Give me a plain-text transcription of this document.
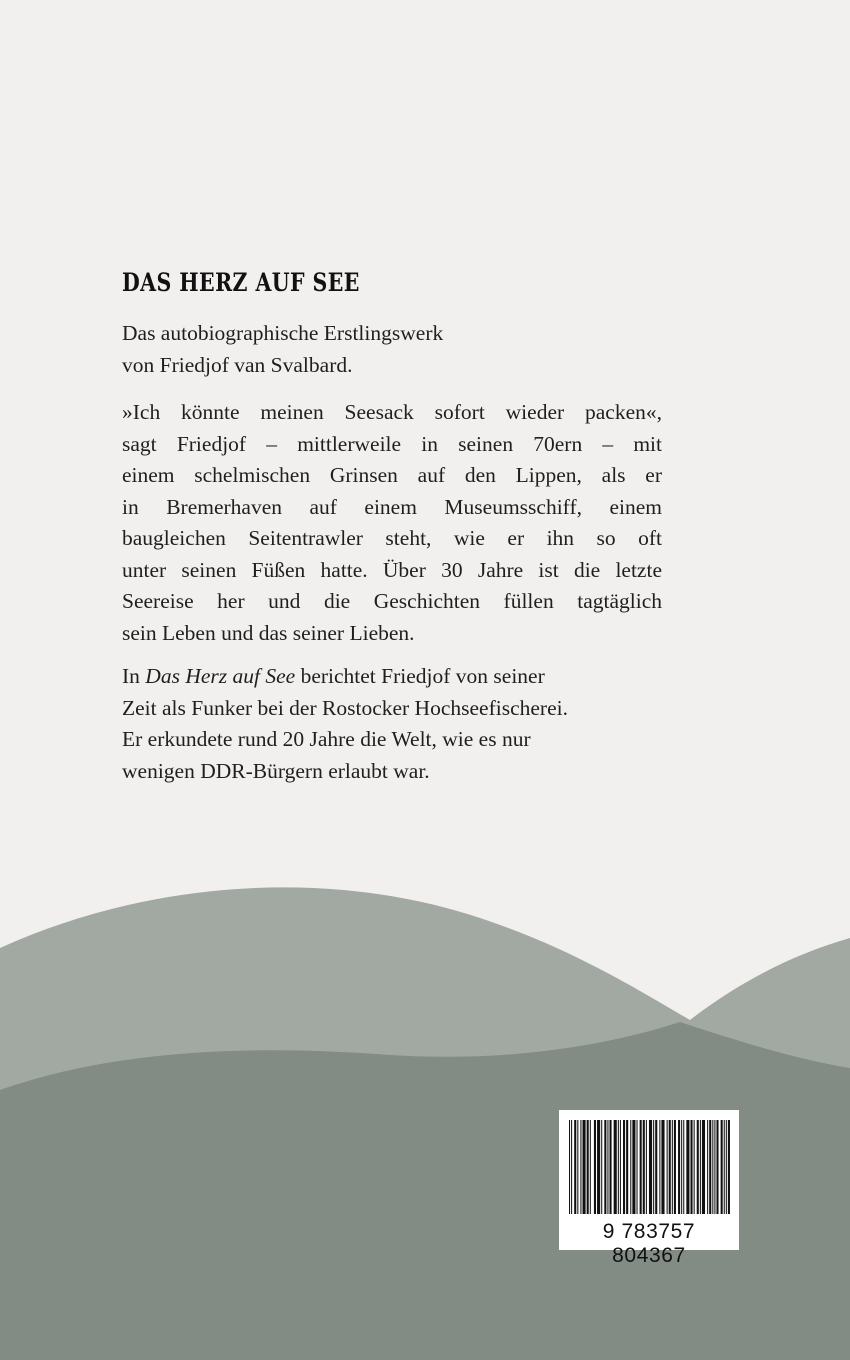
DAS HERZ AUF SEE
Das autobiographische Erstlingswerk
von Friedjof van Svalbard.
»Ich könnte meinen Seesack sofort wieder packen«,
sagt Friedjof – mittlerweile in seinen 70ern – mit
einem schelmischen Grinsen auf den Lippen, als er
in Bremerhaven auf einem Museumsschiff, einem
baugleichen Seitentrawler steht, wie er ihn so oft
unter seinen Füßen hatte. Über 30 Jahre ist die letzte
Seereise her und die Geschichten füllen tagtäglich
sein Leben und das seiner Lieben.
In Das Herz auf See berichtet Friedjof von seiner
Zeit als Funker bei der Rostocker Hochseefischerei.
Er erkundete rund 20 Jahre die Welt, wie es nur
wenigen DDR-Bürgern erlaubt war.
9 783757 804367
